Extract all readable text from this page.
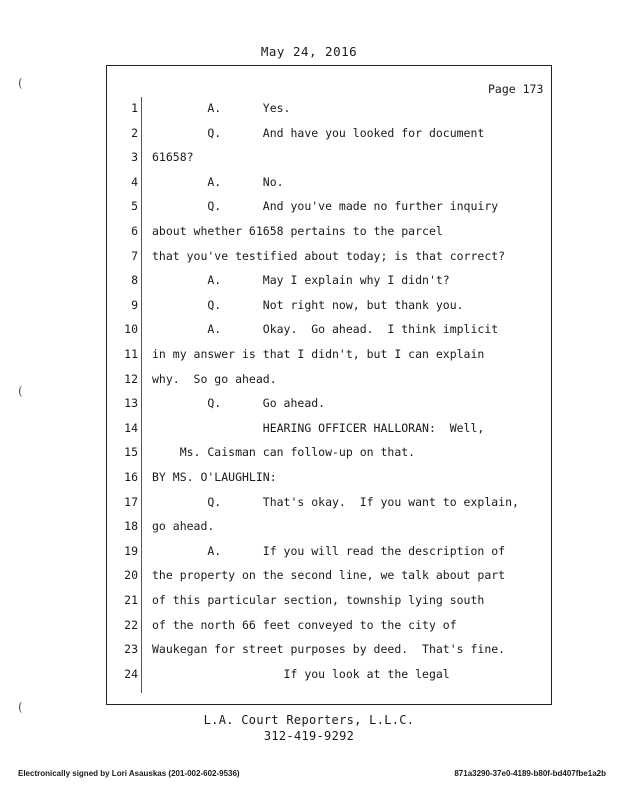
May 24, 2016
Page 173
1 A.      Yes.
2 Q.      And have you looked for document
3 61658?
4 A.      No.
5 Q.      And you've made no further inquiry
6 about whether 61658 pertains to the parcel
7 that you've testified about today; is that correct?
8 A.      May I explain why I didn't?
9 Q.      Not right now, but thank you.
10 A.      Okay.  Go ahead.  I think implicit
11 in my answer is that I didn't, but I can explain
12 why.  So go ahead.
13 Q.      Go ahead.
14 HEARING OFFICER HALLORAN:  Well,
15 Ms. Caisman can follow-up on that.
16 BY MS. O'LAUGHLIN:
17 Q.      That's okay.  If you want to explain,
18 go ahead.
19 A.      If you will read the description of
20 the property on the second line, we talk about part
21 of this particular section, township lying south
22 of the north 66 feet conveyed to the city of
23 Waukegan for street purposes by deed.  That's fine.
24 If you look at the legal
L.A. Court Reporters, L.L.C.
312-419-9292
Electronically signed by Lori Asauskas (201-002-602-9536)	871a3290-37e0-4189-b80f-bd407fbe1a2b
(
(
(
